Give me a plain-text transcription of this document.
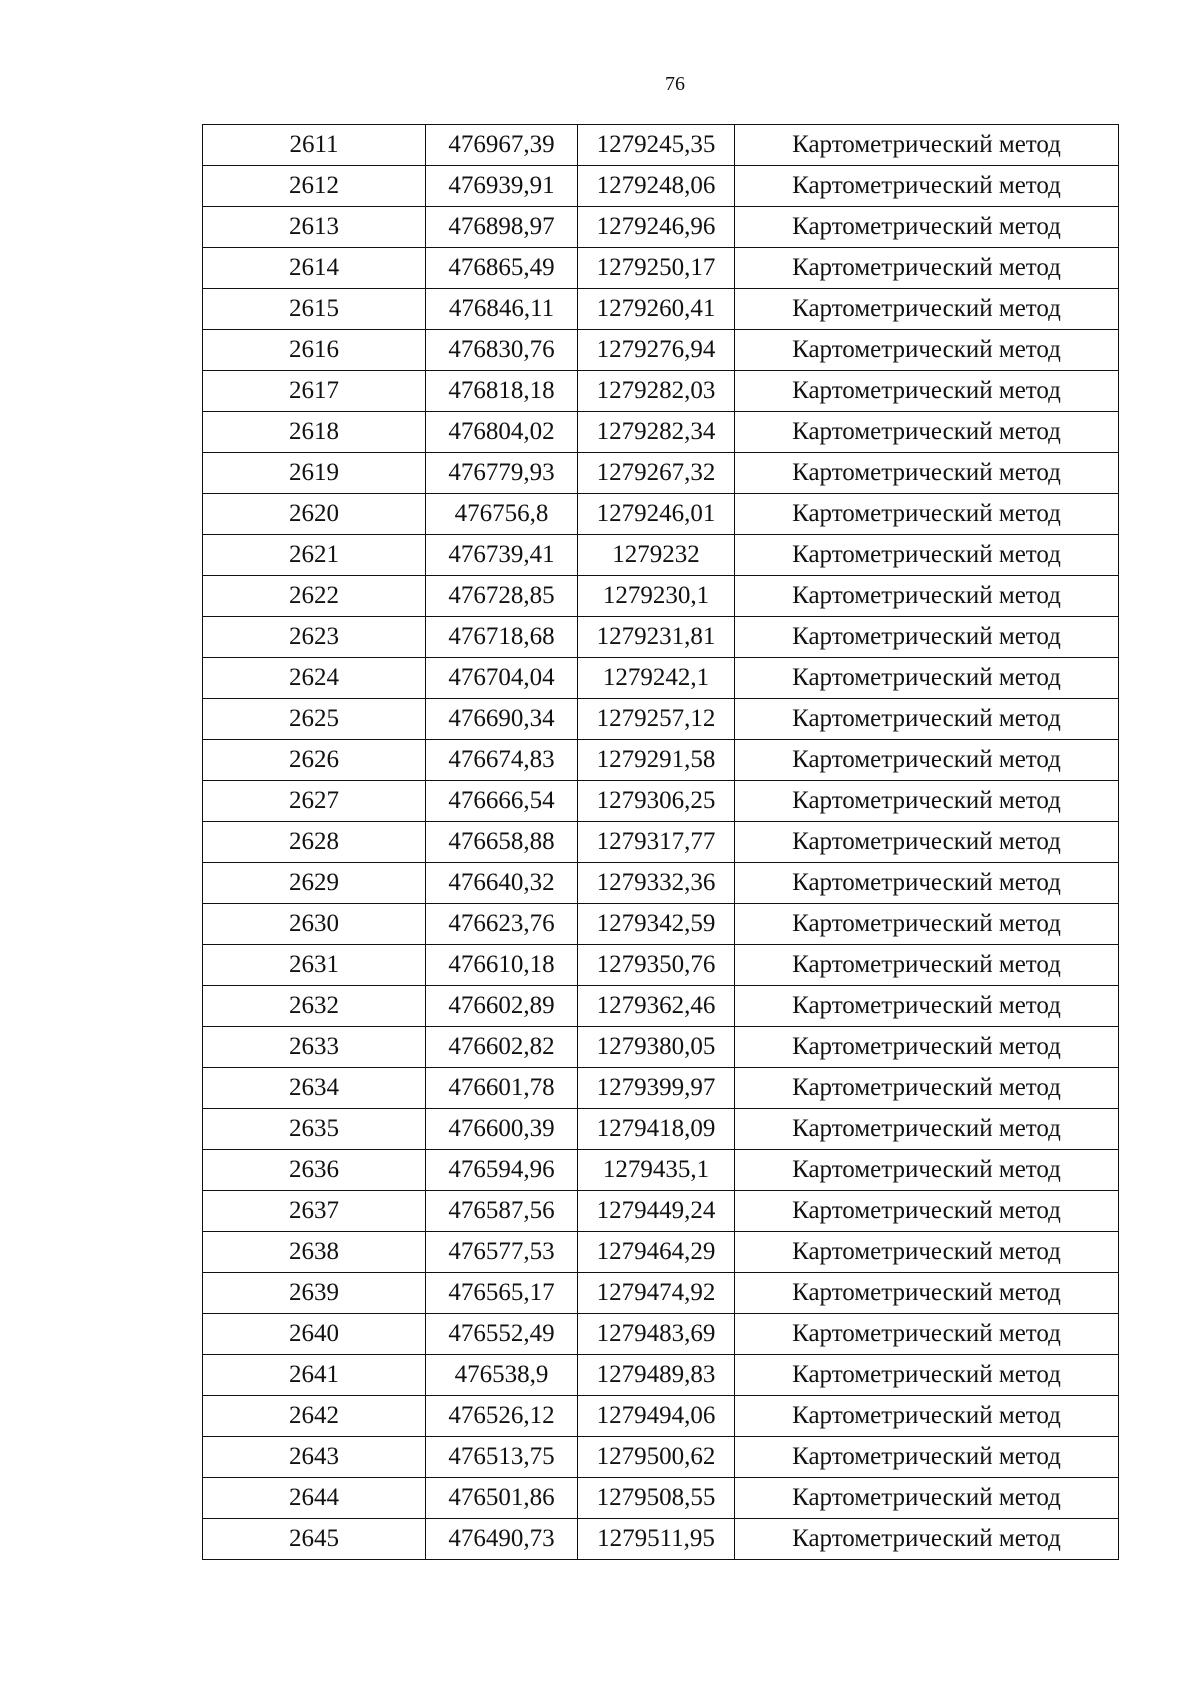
76
2611	476967,39	1279245,35	Картометрический метод
2612	476939,91	1279248,06	Картометрический метод
2613	476898,97	1279246,96	Картометрический метод
2614	476865,49	1279250,17	Картометрический метод
2615	476846,11	1279260,41	Картометрический метод
2616	476830,76	1279276,94	Картометрический метод
2617	476818,18	1279282,03	Картометрический метод
2618	476804,02	1279282,34	Картометрический метод
2619	476779,93	1279267,32	Картометрический метод
2620	476756,8	1279246,01	Картометрический метод
2621	476739,41	1279232	Картометрический метод
2622	476728,85	1279230,1	Картометрический метод
2623	476718,68	1279231,81	Картометрический метод
2624	476704,04	1279242,1	Картометрический метод
2625	476690,34	1279257,12	Картометрический метод
2626	476674,83	1279291,58	Картометрический метод
2627	476666,54	1279306,25	Картометрический метод
2628	476658,88	1279317,77	Картометрический метод
2629	476640,32	1279332,36	Картометрический метод
2630	476623,76	1279342,59	Картометрический метод
2631	476610,18	1279350,76	Картометрический метод
2632	476602,89	1279362,46	Картометрический метод
2633	476602,82	1279380,05	Картометрический метод
2634	476601,78	1279399,97	Картометрический метод
2635	476600,39	1279418,09	Картометрический метод
2636	476594,96	1279435,1	Картометрический метод
2637	476587,56	1279449,24	Картометрический метод
2638	476577,53	1279464,29	Картометрический метод
2639	476565,17	1279474,92	Картометрический метод
2640	476552,49	1279483,69	Картометрический метод
2641	476538,9	1279489,83	Картометрический метод
2642	476526,12	1279494,06	Картометрический метод
2643	476513,75	1279500,62	Картометрический метод
2644	476501,86	1279508,55	Картометрический метод
2645	476490,73	1279511,95	Картометрический метод
